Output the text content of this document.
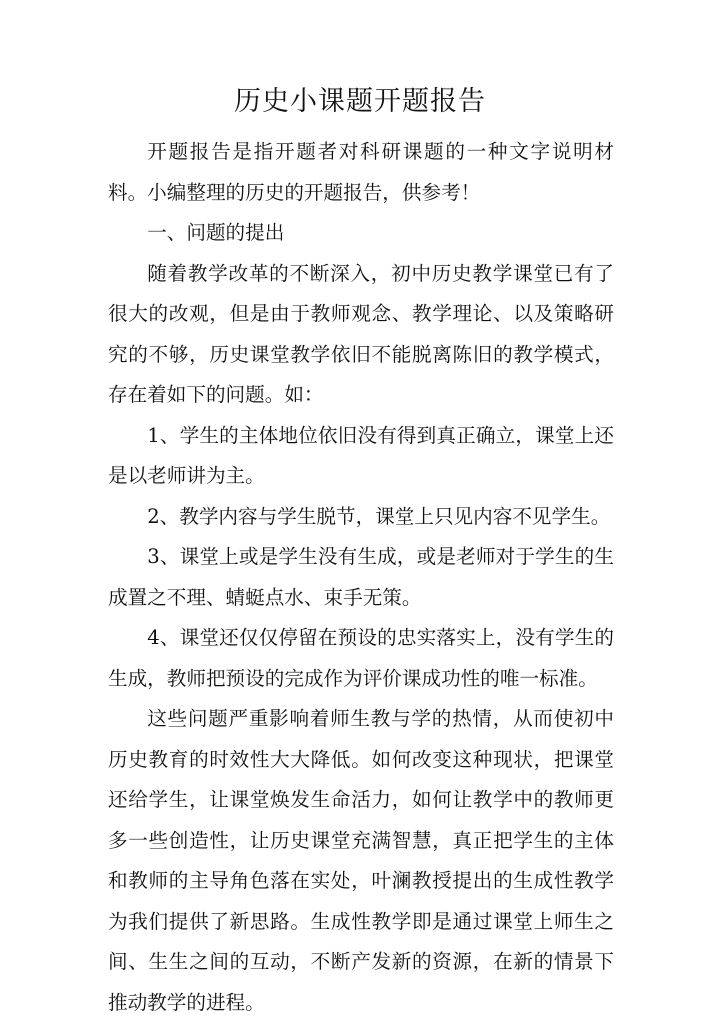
历史小课题开题报告

开题报告是指开题者对科研课题的一种文字说明材料。小编整理的历史的开题报告，供参考！

一、问题的提出

随着教学改革的不断深入，初中历史教学课堂已有了很大的改观，但是由于教师观念、教学理论、以及策略研究的不够，历史课堂教学依旧不能脱离陈旧的教学模式，存在着如下的问题。如：

1、学生的主体地位依旧没有得到真正确立，课堂上还是以老师讲为主。

2、教学内容与学生脱节，课堂上只见内容不见学生。

3、课堂上或是学生没有生成，或是老师对于学生的生成置之不理、蜻蜓点水、束手无策。

4、课堂还仅仅停留在预设的忠实落实上，没有学生的生成，教师把预设的完成作为评价课成功性的唯一标准。

这些问题严重影响着师生教与学的热情，从而使初中历史教育的时效性大大降低。如何改变这种现状，把课堂还给学生，让课堂焕发生命活力，如何让教学中的教师更多一些创造性，让历史课堂充满智慧，真正把学生的主体和教师的主导角色落在实处，叶澜教授提出的生成性教学为我们提供了新思路。生成性教学即是通过课堂上师生之间、生生之间的互动，不断产发新的资源，在新的情景下推动教学的进程。
